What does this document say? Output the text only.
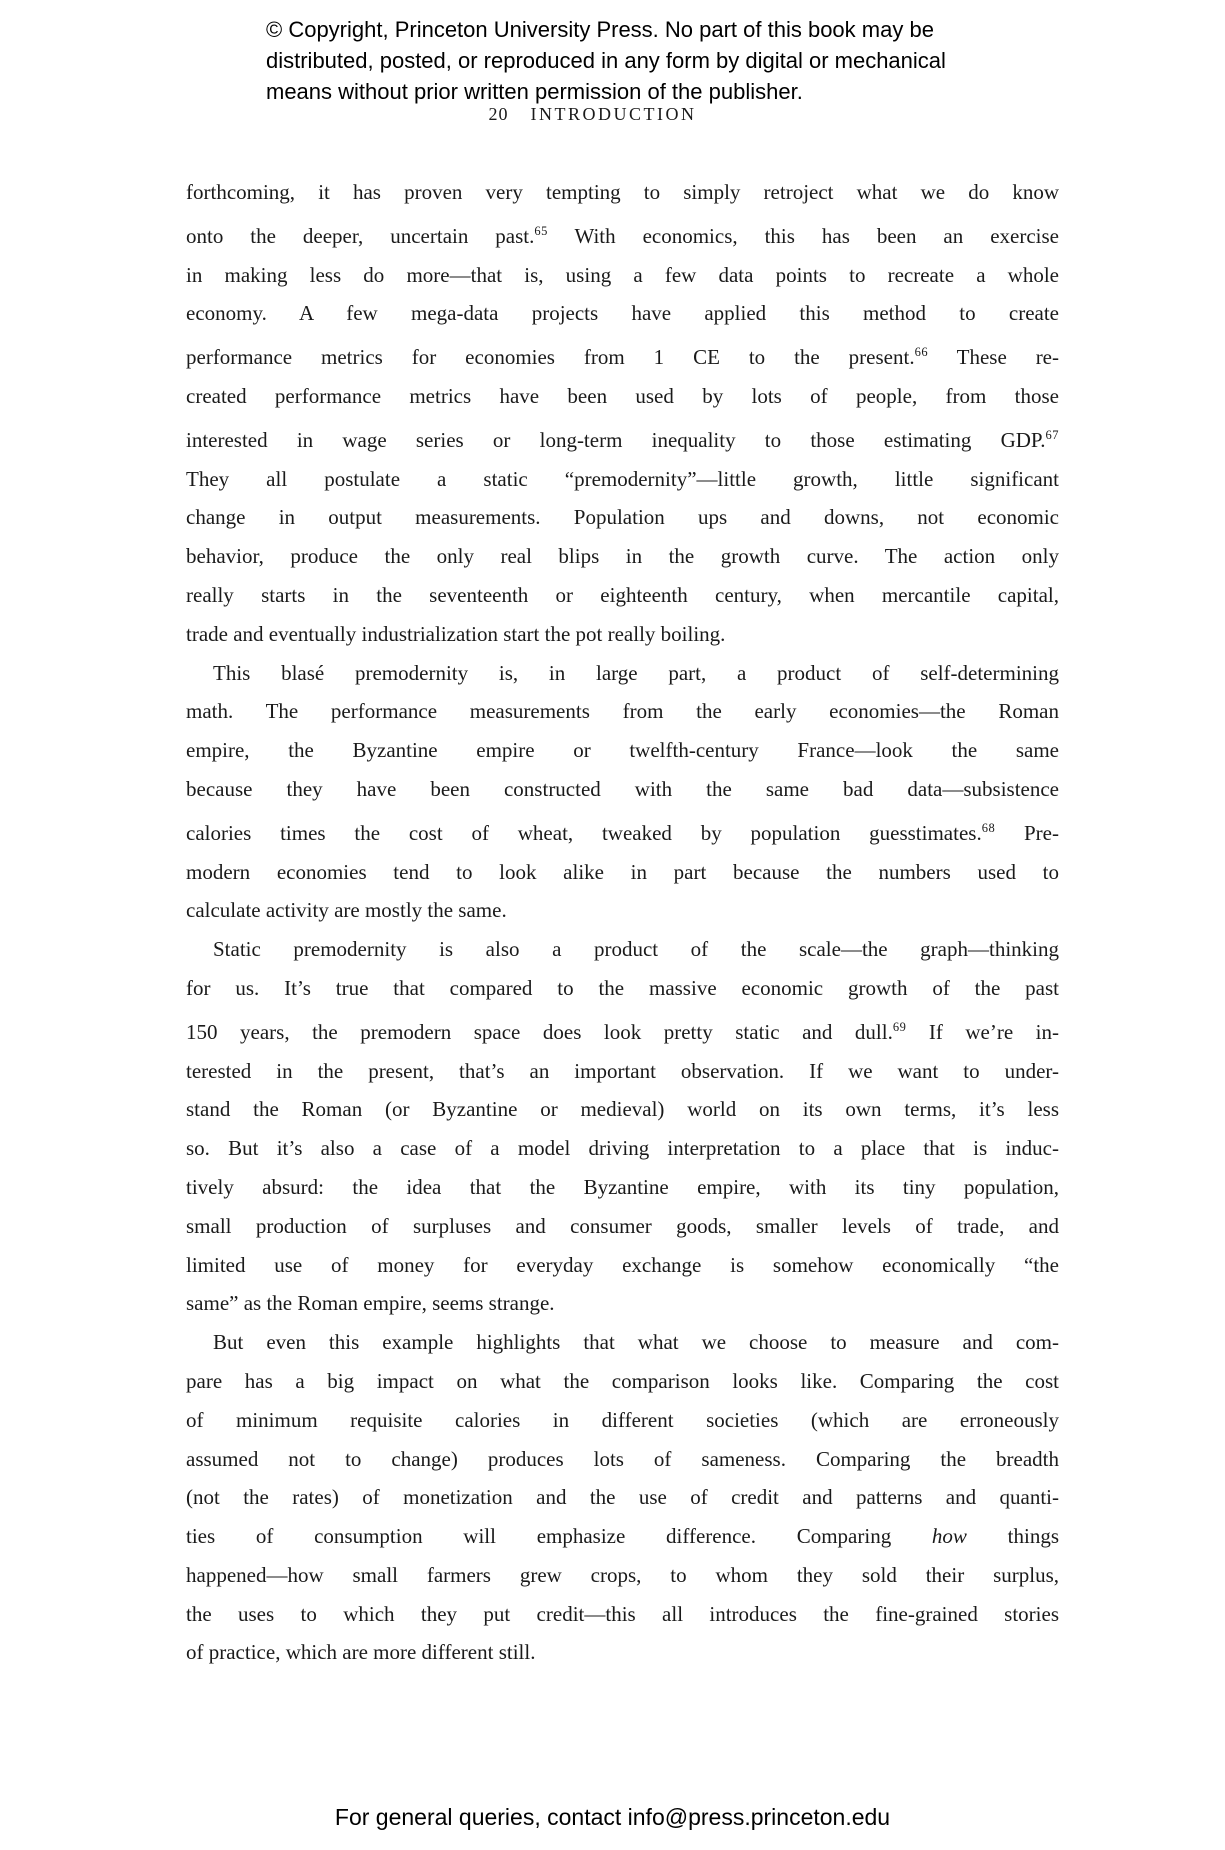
© Copyright, Princeton University Press. No part of this book may be
distributed, posted, or reproduced in any form by digital or mechanical
means without prior written permission of the publisher.
20 INTRODUCTION
forthcoming, it has proven very tempting to simply retroject what we do know
onto the deeper, uncertain past.$^{65}$ With economics, this has been an exercise
in making less do more—that is, using a few data points to recreate a whole
economy. A few mega-data projects have applied this method to create
performance metrics for economies from 1 CE to the present.$^{66}$ These re-
created performance metrics have been used by lots of people, from those
interested in wage series or long-term inequality to those estimating GDP.$^{67}$
They all postulate a static “premodernity”—little growth, little significant
change in output measurements. Population ups and downs, not economic
behavior, produce the only real blips in the growth curve. The action only
really starts in the seventeenth or eighteenth century, when mercantile capital,
trade and eventually industrialization start the pot really boiling.
This blasé premodernity is, in large part, a product of self-determining
math. The performance measurements from the early economies—the Roman
empire, the Byzantine empire or twelfth-century France—look the same
because they have been constructed with the same bad data—subsistence
calories times the cost of wheat, tweaked by population guesstimates.$^{68}$ Pre-
modern economies tend to look alike in part because the numbers used to
calculate activity are mostly the same.
Static premodernity is also a product of the scale—the graph—thinking
for us. It’s true that compared to the massive economic growth of the past
150 years, the premodern space does look pretty static and dull.$^{69}$ If we’re in-
terested in the present, that’s an important observation. If we want to under-
stand the Roman (or Byzantine or medieval) world on its own terms, it’s less
so. But it’s also a case of a model driving interpretation to a place that is induc-
tively absurd: the idea that the Byzantine empire, with its tiny population,
small production of surpluses and consumer goods, smaller levels of trade, and
limited use of money for everyday exchange is somehow economically “the
same” as the Roman empire, seems strange.
But even this example highlights that what we choose to measure and com-
pare has a big impact on what the comparison looks like. Comparing the cost
of minimum requisite calories in different societies (which are erroneously
assumed not to change) produces lots of sameness. Comparing the breadth
(not the rates) of monetization and the use of credit and patterns and quanti-
ties of consumption will emphasize difference. Comparing how things
happened—how small farmers grew crops, to whom they sold their surplus,
the uses to which they put credit—this all introduces the fine-grained stories
of practice, which are more different still.
For general queries, contact info@press.princeton.edu
